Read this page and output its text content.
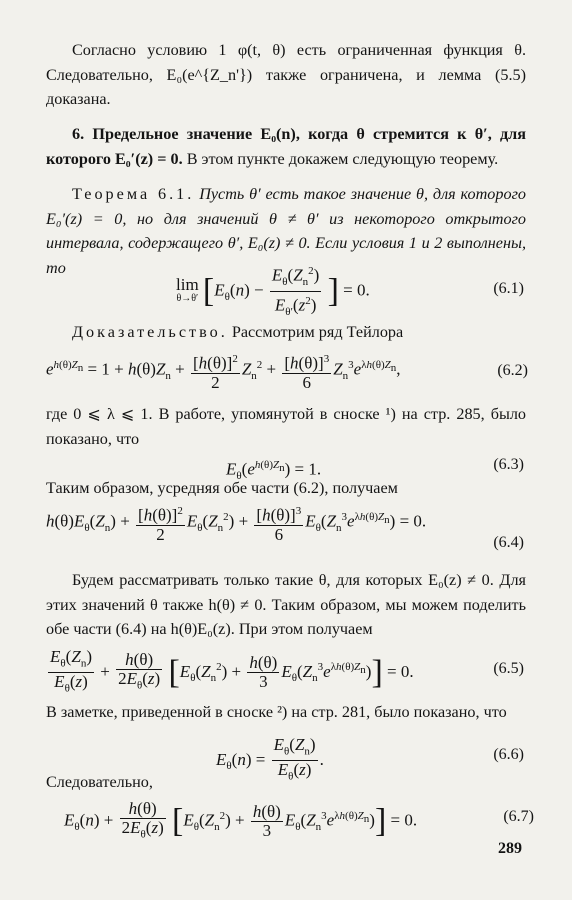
Согласно условию 1 φ(t, θ) есть ограниченная функция θ. Следовательно, E₀(e^{Z_n'}) также ограничена, и лемма (5.5) доказана.

6. Предельное значение E₀(n), когда θ стремится к θ′, для которого E₀′(z) = 0. В этом пункте докажем следующую теорему.

Теорема 6.1. Пусть θ′ есть такое значение θ, для которого E₀′(z) = 0, но для значений θ ≠ θ′ из некоторого открытого интервала, содержащего θ′, E₀(z) ≠ 0. Если условия 1 и 2 выполнены, то

lim
θ→θ′ [$E_\theta(n) - \frac{E_\theta(Z_n^2)}{E_{\theta'}(z^2)}$ ] = 0.	(6.1)

Доказательство. Рассмотрим ряд Тейлора

$e^{h(\theta)Z_n} = 1 + h(\theta)Z_n + \frac{[h(\theta)]^2}{2} Z_n^2 + \frac{[h(\theta)]^3}{6} Z_n^3e^{\lambda h(\theta)Z_n}$,	(6.2)

где 0 ⩽ λ ⩽ 1. В работе, упомянутой в сноске ¹) на стр. 285, было показано, что

$E_\theta(e^{h(\theta)Z_n}) = 1$.	(6.3)

Таким образом, усредняя обе части (6.2), получаем

$h(\theta)E_\theta(Z_n) + \frac{[h(\theta)]^2}{2} E_\theta(Z_n^2) + \frac{[h(\theta)]^3}{6} E_\theta(Z_n^3e^{\lambda h(\theta)Z_n}) = 0$.
(6.4)

Будем рассматривать только такие θ, для которых E₀(z) ≠ 0. Для этих значений θ также h(θ) ≠ 0. Таким образом, мы можем поделить обе части (6.4) на h(θ)E₀(z). При этом получаем

$\frac{E_\theta(Z_n)}{E_\theta(z)} + \frac{h(\theta)}{2E_\theta(z)} [E_\theta(Z_n^2) + \frac{h(\theta)}{3} E_\theta(Z_n^3e^{\lambda h(\theta)Z_n})] = 0$.	(6.5)

В заметке, приведенной в сноске ²) на стр. 281, было показано, что

$E_\theta(n) = \frac{E_\theta(Z_n)}{E_\theta(z)}$ .	(6.6)

Следовательно,

$E_\theta(n) + \frac{h(\theta)}{2E_\theta(z)} [E_\theta(Z_n^2) + \frac{h(\theta)}{3} E_\theta(Z_n^3e^{\lambda h(\theta)Z_n})] = 0$.	(6.7)
289
